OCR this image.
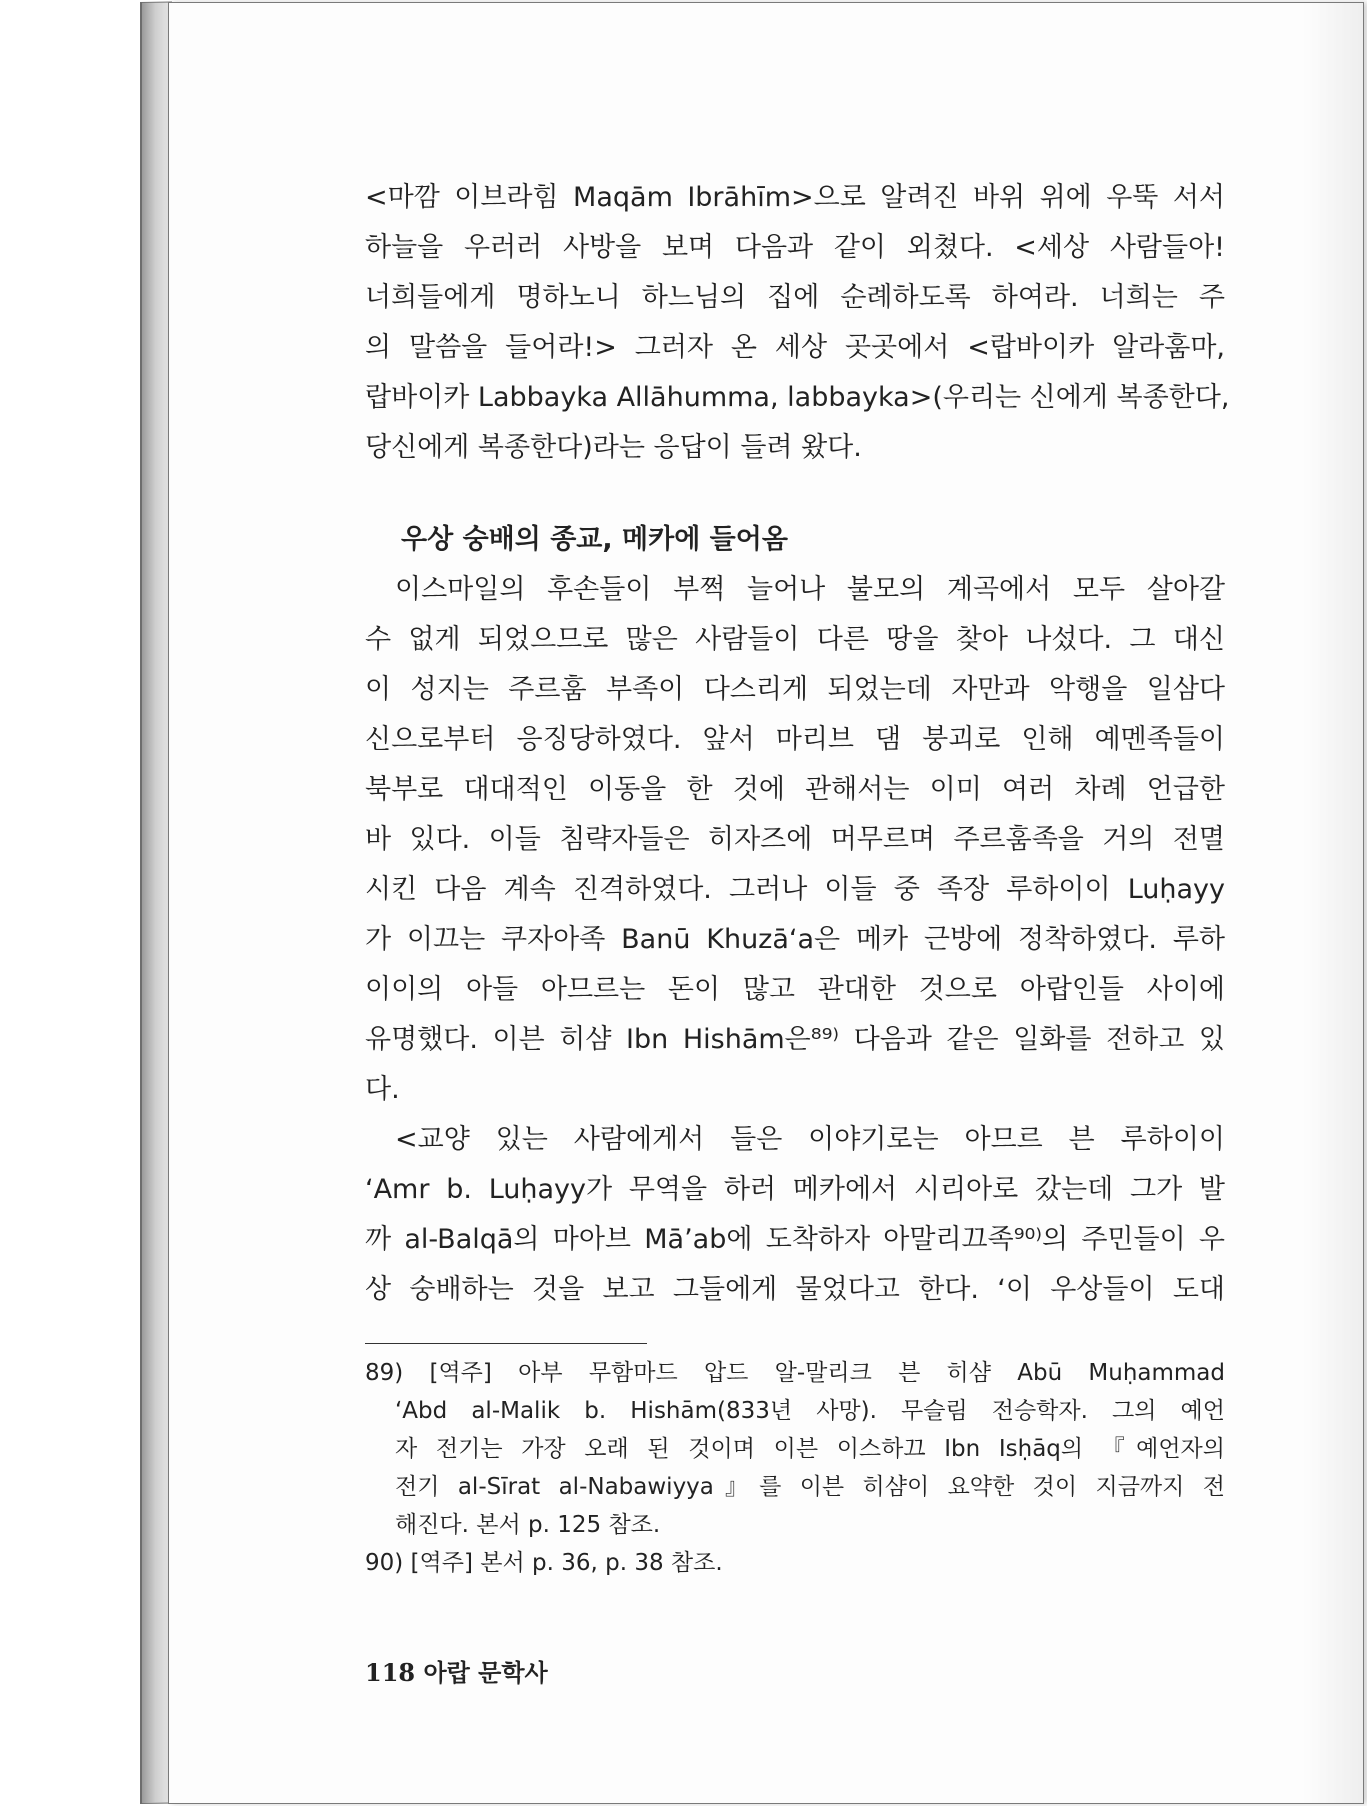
<마깜 이브라힘 Maqām Ibrāhīm>으로 알려진 바위 위에 우뚝 서서

하늘을 우러러 사방을 보며 다음과 같이 외쳤다. <세상 사람들아!

너희들에게 명하노니 하느님의 집에 순례하도록 하여라. 너희는 주

의 말씀을 들어라!> 그러자 온 세상 곳곳에서 <랍바이카 알라훔마,

랍바이카 Labbayka Allāhumma, labbayka>(우리는 신에게 복종한다,

당신에게 복종한다)라는 응답이 들려 왔다.

우상 숭배의 종교, 메카에 들어옴

이스마일의 후손들이 부쩍 늘어나 불모의 계곡에서 모두 살아갈

수 없게 되었으므로 많은 사람들이 다른 땅을 찾아 나섰다. 그 대신

이 성지는 주르훔 부족이 다스리게 되었는데 자만과 악행을 일삼다

신으로부터 응징당하였다. 앞서 마리브 댐 붕괴로 인해 예멘족들이

북부로 대대적인 이동을 한 것에 관해서는 이미 여러 차례 언급한

바 있다. 이들 침략자들은 히자즈에 머무르며 주르훔족을 거의 전멸

시킨 다음 계속 진격하였다. 그러나 이들 중 족장 루하이이 Luḥayy

가 이끄는 쿠자아족 Banū Khuzāʻa은 메카 근방에 정착하였다. 루하

이이의 아들 아므르는 돈이 많고 관대한 것으로 아랍인들 사이에

유명했다. 이븐 히샴 Ibn Hishām은⁸⁹⁾ 다음과 같은 일화를 전하고 있

다.

<교양 있는 사람에게서 들은 이야기로는 아므르 븐 루하이이

ʻAmr b. Luḥayy가 무역을 하러 메카에서 시리아로 갔는데 그가 발

까 al-Balqā의 마아브 Māʼab에 도착하자 아말리끄족⁹⁰⁾의 주민들이 우

상 숭배하는 것을 보고 그들에게 물었다고 한다. ʻ이 우상들이 도대

89) [역주] 아부 무함마드 압드 알-말리크 븐 히샴 Abū Muḥammad

ʻAbd al-Malik b. Hishām(833년 사망). 무슬림 전승학자. 그의 예언

자 전기는 가장 오래 된 것이며 이븐 이스하끄 Ibn Isḥāq의 『예언자의

전기 al-Sīrat al-Nabawiyya』를 이븐 히샴이 요약한 것이 지금까지 전

해진다. 본서 p. 125 참조.

90) [역주] 본서 p. 36, p. 38 참조.

118 아랍 문학사
